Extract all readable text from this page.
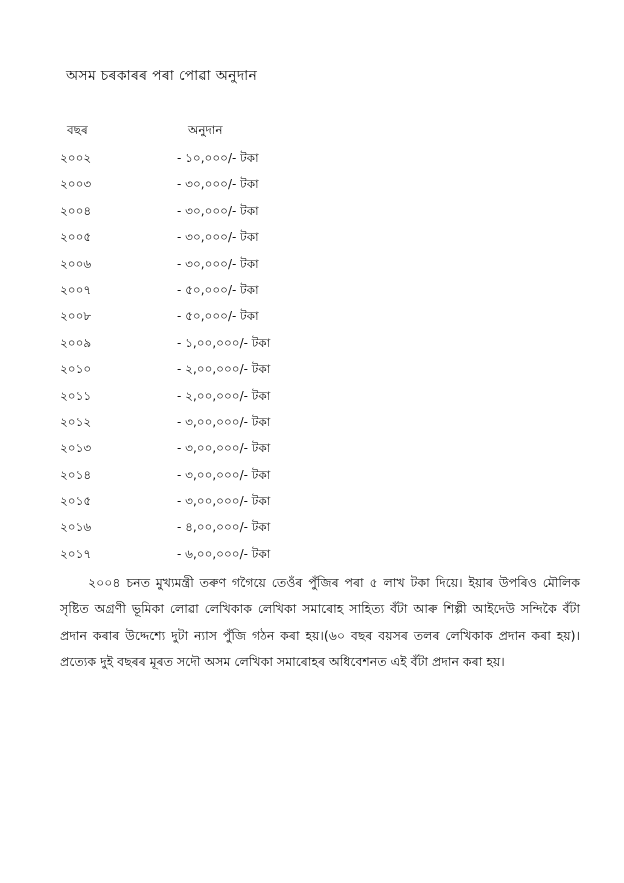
অসম চৰকাৰৰ পৰা পোৱা অনুদান
বছৰ	অনুদান
২০০২	- ১০,০০০/- টকা
২০০৩	- ৩০,০০০/- টকা
২০০৪	- ৩০,০০০/- টকা
২০০৫	- ৩০,০০০/- টকা
২০০৬	- ৩০,০০০/- টকা
২০০৭	- ৫০,০০০/- টকা
২০০৮	- ৫০,০০০/- টকা
২০০৯	- ১,০০,০০০/- টকা
২০১০	- ২,০০,০০০/- টকা
২০১১	- ২,০০,০০০/- টকা
২০১২	- ৩,০০,০০০/- টকা
২০১৩	- ৩,০০,০০০/- টকা
২০১৪	- ৩,০০,০০০/- টকা
২০১৫	- ৩,০০,০০০/- টকা
২০১৬	- ৪,০০,০০০/- টকা
২০১৭	- ৬,০০,০০০/- টকা

২০০৪ চনত মুখ্যমন্ত্ৰী তৰুণ গগৈয়ে তেওঁৰ পুঁজিৰ পৰা ৫ লাখ টকা দিয়ে। ইয়াৰ উপৰিও মৌলিক সৃষ্টিত অগ্ৰণী ভূমিকা লোৱা লেখিকাক লেখিকা সমাৰোহ সাহিত্য বঁটা আৰু শিল্পী আইদেউ সন্দিকৈ বঁটা প্ৰদান কৰাৰ উদ্দেশ্যে দুটা ন্যাস পুঁজি গঠন কৰা হয়।(৬০ বছৰ বয়সৰ তলৰ লেখিকাক প্ৰদান কৰা হয়)। প্ৰত্যেক দুই বছৰৰ মূৰত সদৌ অসম লেখিকা সমাৰোহৰ অধিবেশনত এই বঁটা প্ৰদান কৰা হয়।
